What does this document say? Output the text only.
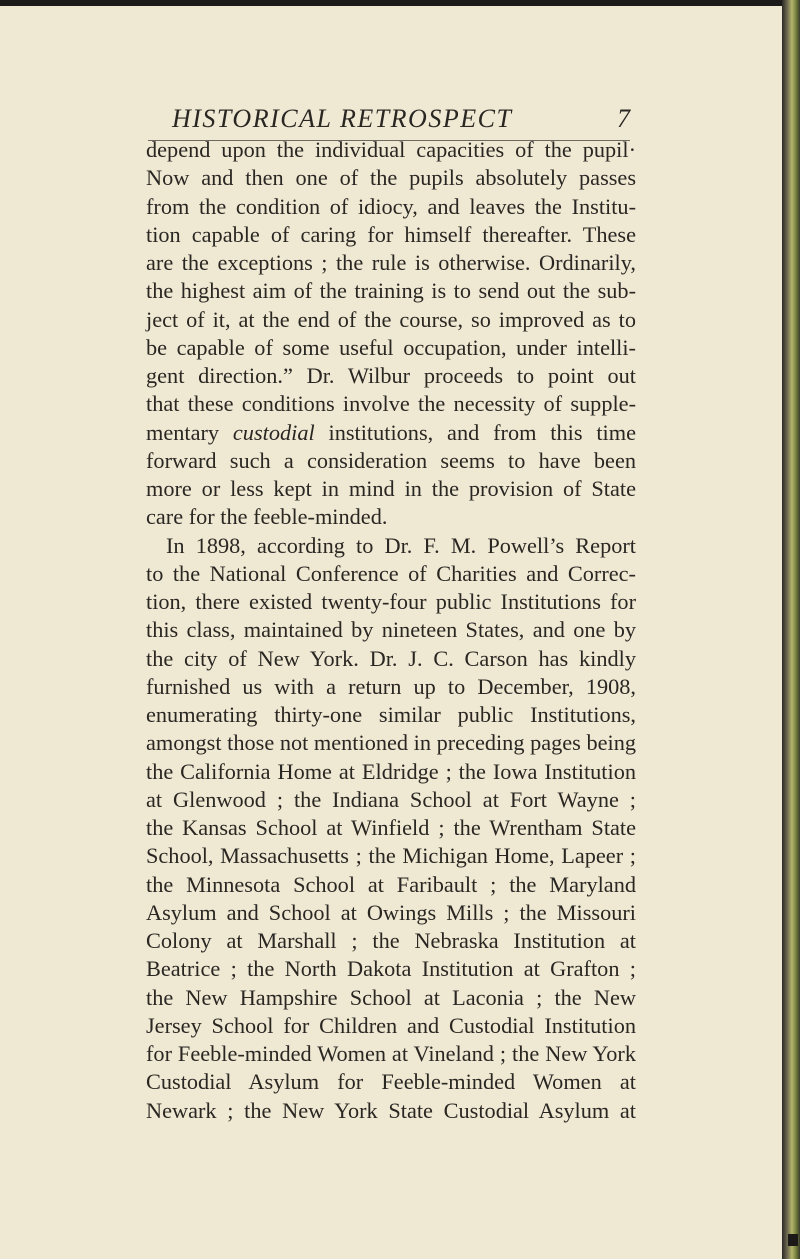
HISTORICAL RETROSPECT	7
depend upon the individual capacities of the pupil·
Now and then one of the pupils absolutely passes
from the condition of idiocy, and leaves the Institu-
tion capable of caring for himself thereafter. These
are the exceptions ; the rule is otherwise. Ordinarily,
the highest aim of the training is to send out the sub-
ject of it, at the end of the course, so improved as to
be capable of some useful occupation, under intelli-
gent direction.” Dr. Wilbur proceeds to point out
that these conditions involve the necessity of supple-
mentary custodial institutions, and from this time
forward such a consideration seems to have been
more or less kept in mind in the provision of State
care for the feeble-minded.
In 1898, according to Dr. F. M. Powell’s Report
to the National Conference of Charities and Correc-
tion, there existed twenty-four public Institutions for
this class, maintained by nineteen States, and one by
the city of New York. Dr. J. C. Carson has kindly
furnished us with a return up to December, 1908,
enumerating thirty-one similar public Institutions,
amongst those not mentioned in preceding pages being
the California Home at Eldridge ; the Iowa Institution
at Glenwood ; the Indiana School at Fort Wayne ;
the Kansas School at Winfield ; the Wrentham State
School, Massachusetts ; the Michigan Home, Lapeer ;
the Minnesota School at Faribault ; the Maryland
Asylum and School at Owings Mills ; the Missouri
Colony at Marshall ; the Nebraska Institution at
Beatrice ; the North Dakota Institution at Grafton ;
the New Hampshire School at Laconia ; the New
Jersey School for Children and Custodial Institution
for Feeble-minded Women at Vineland ; the New York
Custodial Asylum for Feeble-minded Women at
Newark ; the New York State Custodial Asylum at
